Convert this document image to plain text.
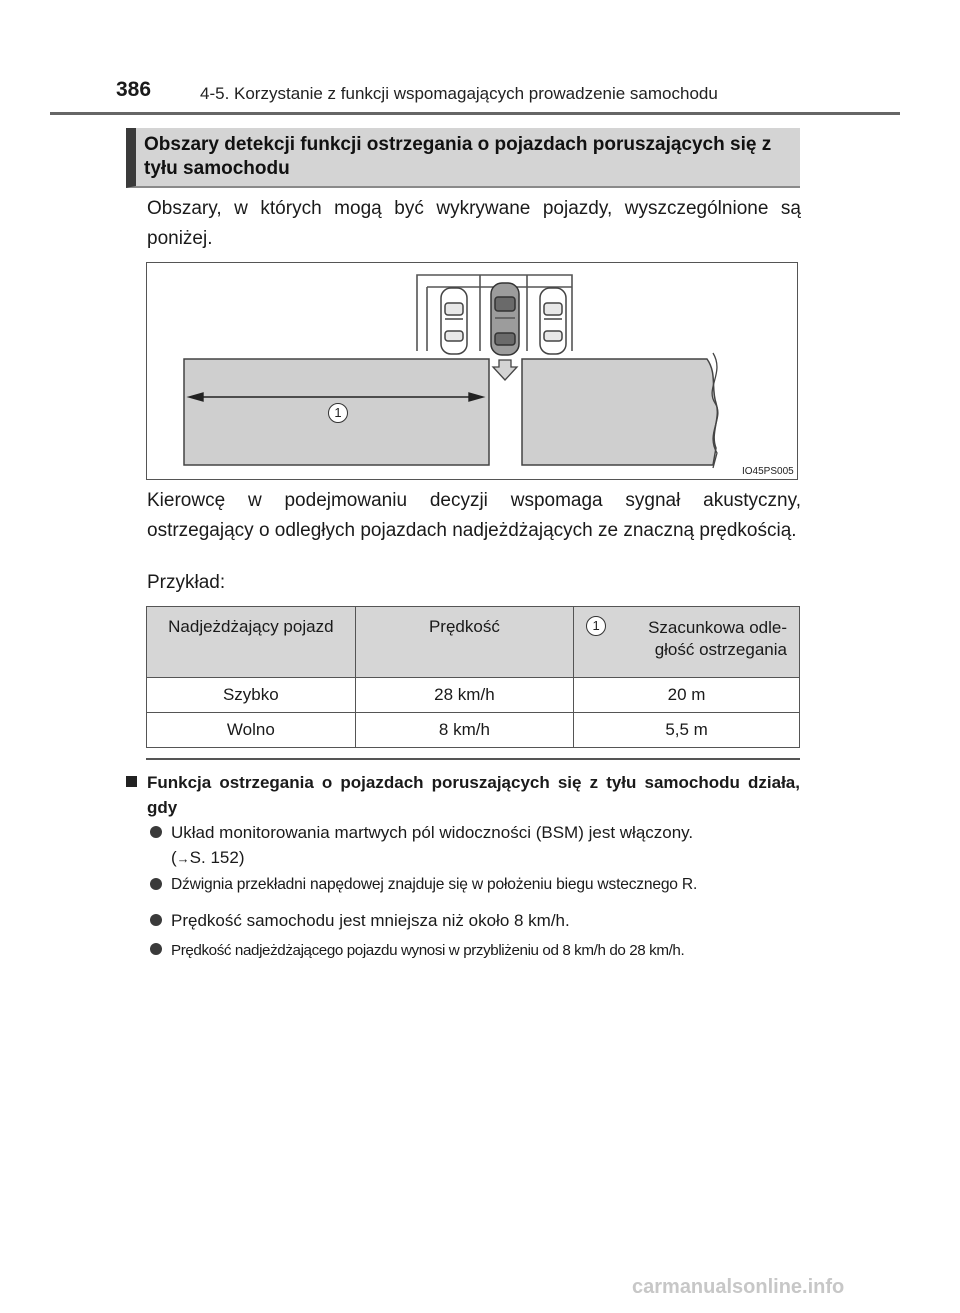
386	4-5. Korzystanie z funkcji wspomagających prowadzenie samochodu
Obszary detekcji funkcji ostrzegania o pojazdach poruszających się z tyłu samochodu
Obszary, w których mogą być wykrywane pojazdy, wyszczególnione są poniżej.
1
IO45PS005
Kierowcę w podejmowaniu decyzji wspomaga sygnał akustyczny, ostrzegający o odległych pojazdach nadjeżdżających ze znaczną prędkością.
Przykład:
Nadjeżdżający pojazd	Prędkość	1 Szacunkowa odle-
głość ostrzegania
Szybko	28 km/h	20 m
Wolno	8 km/h	5,5 m
Funkcja ostrzegania o pojazdach poruszających się z tyłu samochodu działa, gdy
Układ monitorowania martwych pól widoczności (BSM) jest włączony.
(→S. 152)
Dźwignia przekładni napędowej znajduje się w położeniu biegu wstecznego R.
Prędkość samochodu jest mniejsza niż około 8 km/h.
Prędkość nadjeżdżającego pojazdu wynosi w przybliżeniu od 8 km/h do 28 km/h.
carmanualsonline.info
